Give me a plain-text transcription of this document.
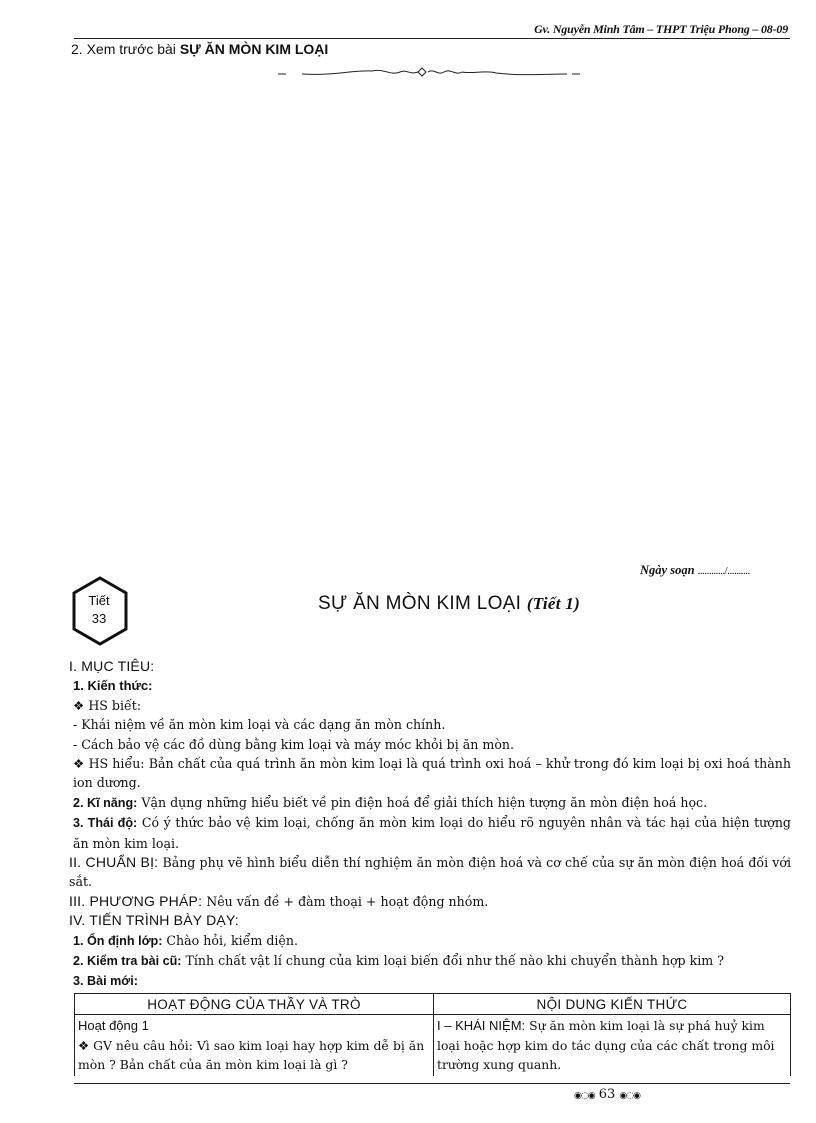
Gv. Nguyễn Minh Tâm – THPT Triệu Phong – 08-09
2. Xem trước bài SỰ ĂN MÒN KIM LOẠI
Ngày soạn ............/..........
Tiết
33
SỰ ĂN MÒN KIM LOẠI (Tiết 1)

I. MỤC TIÊU:

1. Kiến thức:

❖ HS biết:

- Khái niệm về ăn mòn kim loại và các dạng ăn mòn chính.

- Cách bảo vệ các đồ dùng bằng kim loại và máy móc khỏi bị ăn mòn.

❖ HS hiểu: Bản chất của quá trình ăn mòn kim loại là quá trình oxi hoá – khử trong đó kim loại bị oxi hoá thành ion dương.

2. Kĩ năng: Vận dụng những hiểu biết về pin điện hoá để giải thích hiện tượng ăn mòn điện hoá học.

3. Thái độ: Có ý thức bảo vệ kim loại, chống ăn mòn kim loại do hiểu rõ nguyên nhân và tác hại của hiện tượng ăn mòn kim loại.

II. CHUẨN BỊ: Bảng phụ vẽ hình biểu diễn thí nghiệm ăn mòn điện hoá và cơ chế của sự ăn mòn điện hoá đối với sắt.

III. PHƯƠNG PHÁP: Nêu vấn đề + đàm thoại + hoạt động nhóm.

IV. TIẾN TRÌNH BÀY DẠY:

1. Ổn định lớp: Chào hỏi, kiểm diện.

2. Kiểm tra bài cũ: Tính chất vật lí chung của kim loại biến đổi như thế nào khi chuyển thành hợp kim ?

3. Bài mới:

HOẠT ĐỘNG CỦA THẦY VÀ TRÒ	NỘI DUNG KIẾN THỨC

Hoạt động 1
❖ GV nêu câu hỏi: Vì sao kim loại hay hợp kim dễ bị ăn mòn ? Bản chất của ăn mòn kim loại là gì ?	I – KHÁI NIỆM: Sự ăn mòn kim loại là sự phá huỷ kim loại hoặc hợp kim do tác dụng của các chất trong môi trường xung quanh.
◉◌◉ 63 ◉◌◉
